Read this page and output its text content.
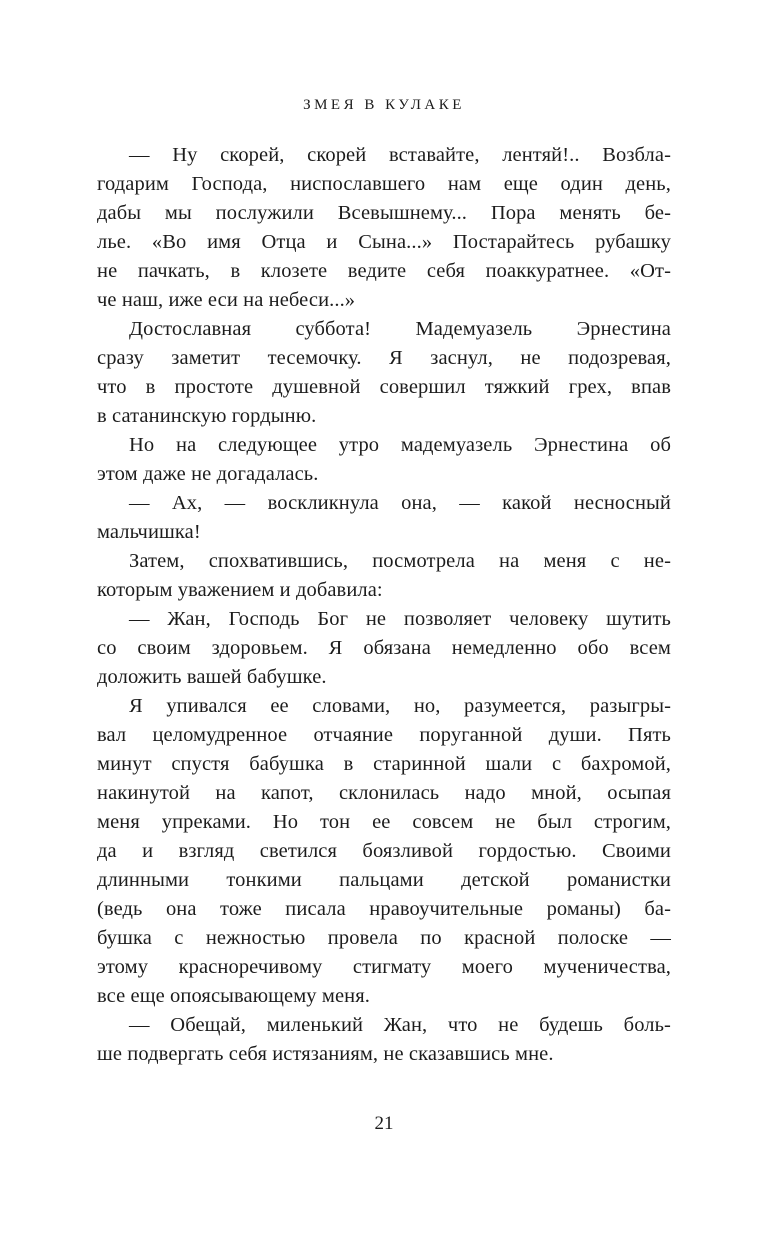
ЗМЕЯ В КУЛАКЕ
— Ну скорей, скорей вставайте, лентяй!.. Возбла-
годарим Господа, ниспославшего нам еще один день,
дабы мы послужили Всевышнему... Пора менять бе-
лье. «Во имя Отца и Сына...» Постарайтесь рубашку
не пачкать, в клозете ведите себя поаккуратнее. «От-
че наш, иже еси на небеси...»
Достославная суббота! Мадемуазель Эрнестина
сразу заметит тесемочку. Я заснул, не подозревая,
что в простоте душевной совершил тяжкий грех, впав
в сатанинскую гордыню.
Но на следующее утро мадемуазель Эрнестина об
этом даже не догадалась.
— Ах, — воскликнула она, — какой несносный
мальчишка!
Затем, спохватившись, посмотрела на меня с не-
которым уважением и добавила:
— Жан, Господь Бог не позволяет человеку шутить
со своим здоровьем. Я обязана немедленно обо всем
доложить вашей бабушке.
Я упивался ее словами, но, разумеется, разыгры-
вал целомудренное отчаяние поруганной души. Пять
минут спустя бабушка в старинной шали с бахромой,
накинутой на капот, склонилась надо мной, осыпая
меня упреками. Но тон ее совсем не был строгим,
да и взгляд светился боязливой гордостью. Своими
длинными тонкими пальцами детской романистки
(ведь она тоже писала нравоучительные романы) ба-
бушка с нежностью провела по красной полоске —
этому красноречивому стигмату моего мученичества,
все еще опоясывающему меня.
— Обещай, миленький Жан, что не будешь боль-
ше подвергать себя истязаниям, не сказавшись мне.
21
